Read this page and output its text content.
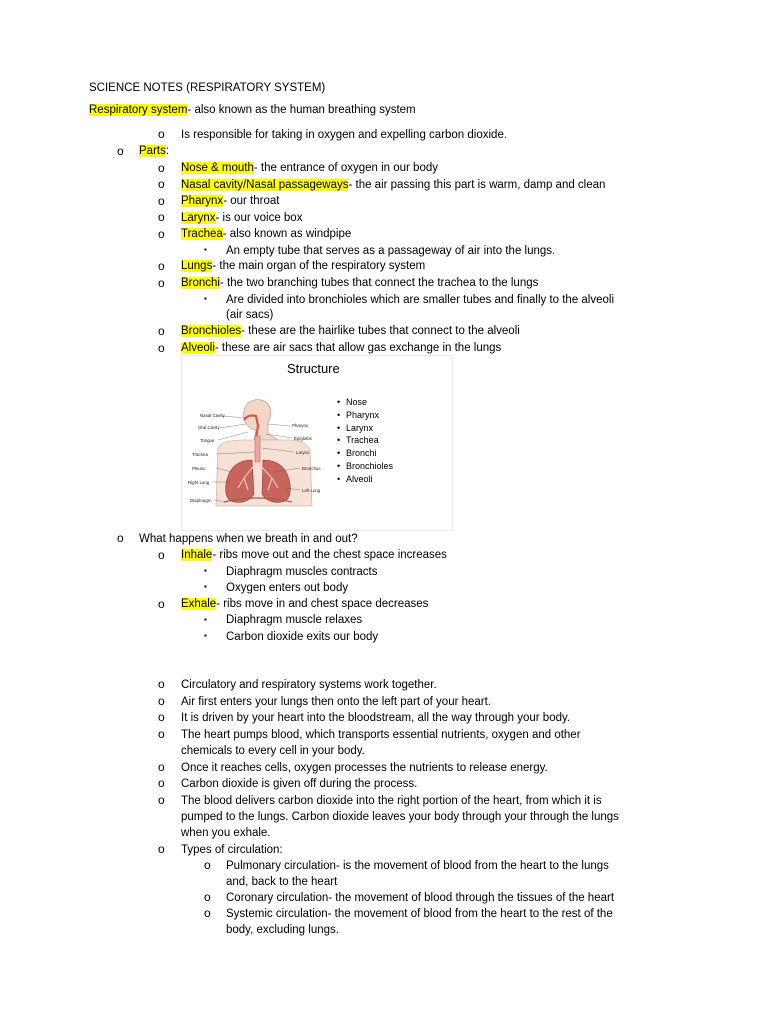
SCIENCE NOTES (RESPIRATORY SYSTEM)
Respiratory system- also known as the human breathing system
o Is responsible for taking in oxygen and expelling carbon dioxide.
o Parts:
o Nose & mouth- the entrance of oxygen in our body
o Nasal cavity/Nasal passageways- the air passing this part is warm, damp and clean
o Pharynx- our throat
o Larynx- is our voice box
o Trachea- also known as windpipe
▪ An empty tube that serves as a passageway of air into the lungs.
o Lungs- the main organ of the respiratory system
o Bronchi- the two branching tubes that connect the trachea to the lungs
▪ Are divided into bronchioles which are smaller tubes and finally to the alveoli
(air sacs)
o Bronchioles- these are the hairlike tubes that connect to the alveoli
o Alveoli- these are air sacs that allow gas exchange in the lungs
Structure
Nasal Cavity
Oral Cavity
Tongue
Trachea
Pleura
Right Lung
Diaphragm
Pharynx
Epiglottis
Larynx
Bronchus
Left Lung
• Nose
• Pharynx
• Larynx
• Trachea
• Bronchi
• Bronchioles
• Alveoli
o What happens when we breath in and out?
o Inhale- ribs move out and the chest space increases
▪ Diaphragm muscles contracts
▪ Oxygen enters out body
o Exhale- ribs move in and chest space decreases
▪ Diaphragm muscle relaxes
▪ Carbon dioxide exits our body
o Circulatory and respiratory systems work together.
o Air first enters your lungs then onto the left part of your heart.
o It is driven by your heart into the bloodstream, all the way through your body.
o The heart pumps blood, which transports essential nutrients, oxygen and other
chemicals to every cell in your body.
o Once it reaches cells, oxygen processes the nutrients to release energy.
o Carbon dioxide is given off during the process.
o The blood delivers carbon dioxide into the right portion of the heart, from which it is
pumped to the lungs. Carbon dioxide leaves your body through your through the lungs
when you exhale.
o Types of circulation:
o Pulmonary circulation- is the movement of blood from the heart to the lungs
and, back to the heart
o Coronary circulation- the movement of blood through the tissues of the heart
o Systemic circulation- the movement of blood from the heart to the rest of the
body, excluding lungs.
